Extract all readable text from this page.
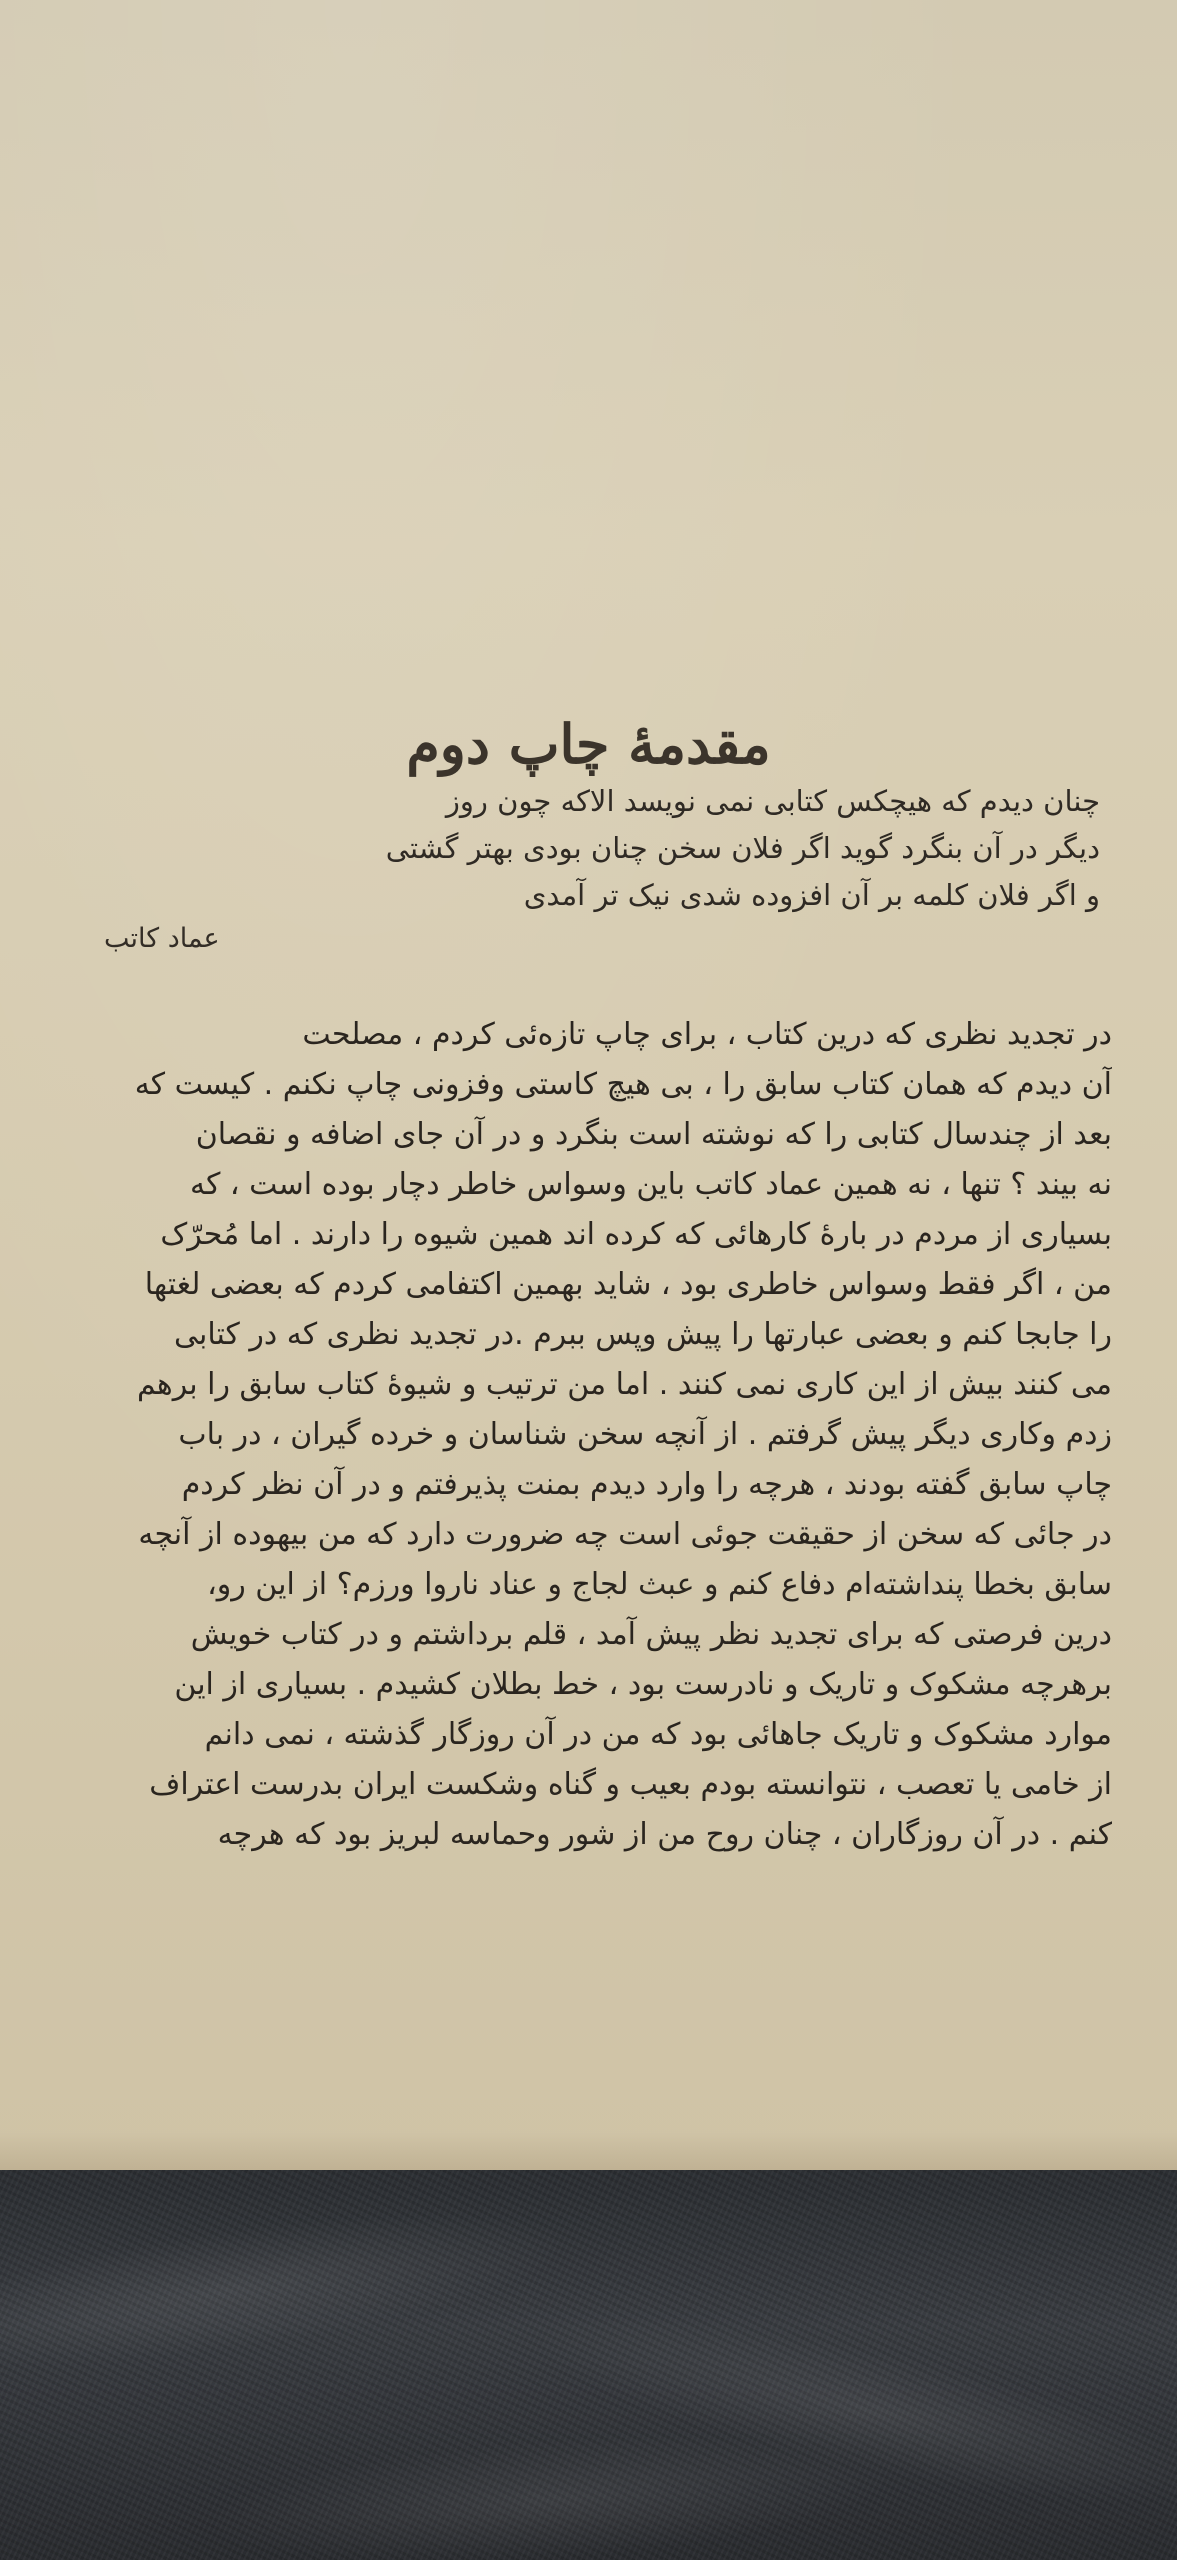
مقدمهٔ چاپ دوم
چنان دیدم که هیچکس کتابی نمی نویسد الاکه چون روز
دیگر در آن بنگرد گوید اگر فلان سخن چنان بودی بهتر گشتی
و اگر فلان کلمه بر آن افزوده شدی نیک تر آمدی
عماد کاتب
در تجدید نظری که درین کتاب ، برای چاپ تازه‌ئی کردم ، مصلحت
آن دیدم که همان کتاب سابق را ، بی هیچ کاستی وفزونی چاپ نکنم . کیست که
بعد از چندسال کتابی را که نوشته است بنگرد و در آن جای اضافه و نقصان
نه بیند ؟ تنها ، نه همین عماد کاتب باین وسواس خاطر دچار بوده است ، که
بسیاری از مردم در بارهٔ کارهائی که کرده اند همین شیوه را دارند . اما مُحرّک
من ، اگر فقط وسواس خاطری بود ، شاید بهمین اکتفامی کردم که بعضی لغتها
را جابجا کنم و بعضی عبارتها را پیش وپس ببرم .در تجدید نظری که در کتابی
می کنند بیش از این کاری نمی کنند . اما من ترتیب و شیوهٔ کتاب سابق را برهم
زدم وکاری دیگر پیش گرفتم . از آنچه سخن شناسان و خرده گیران ، در باب
چاپ سابق گفته بودند ، هرچه را وارد دیدم بمنت پذیرفتم و در آن نظر کردم
در جائی که سخن از حقیقت جوئی است چه ضرورت دارد که من بیهوده از آنچه
سابق بخطا پنداشته‌ام دفاع کنم و عبث لجاج و عناد ناروا ورزم؟ از این رو،
درین فرصتی که برای تجدید نظر پیش آمد ، قلم برداشتم و در کتاب خویش
برهرچه مشکوک و تاریک و نادرست بود ، خط بطلان کشیدم . بسیاری از این
موارد مشکوک و تاریک جاهائی بود که من در آن روزگار گذشته ، نمی دانم
از خامی یا تعصب ، نتوانسته بودم بعیب و گناه وشکست ایران بدرست اعتراف
کنم . در آن روزگاران ، چنان روح من از شور وحماسه لبریز بود که هرچه
